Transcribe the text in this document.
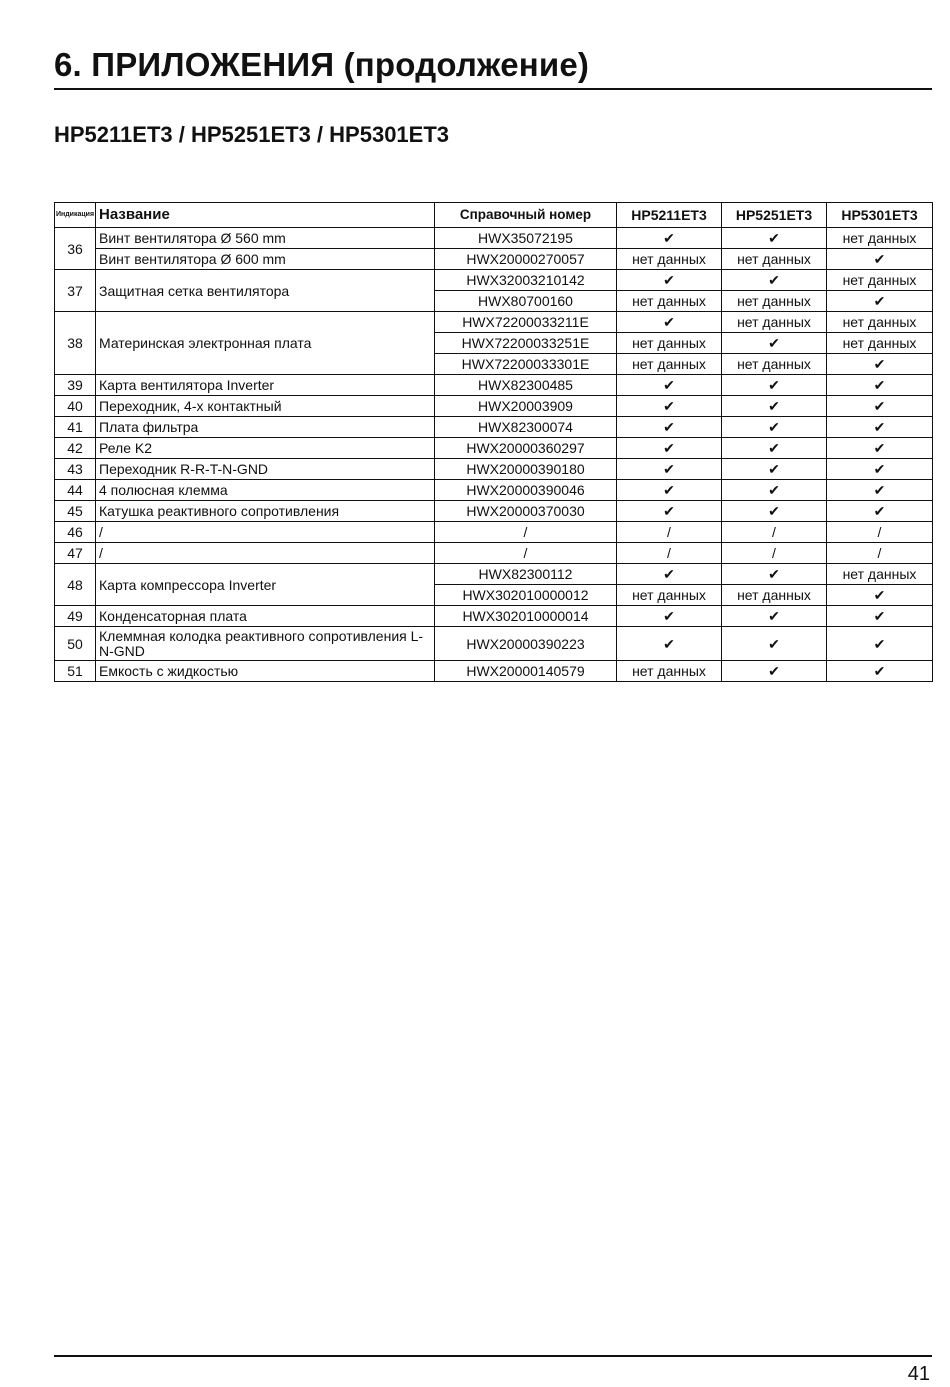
6. ПРИЛОЖЕНИЯ (продолжение)
HP5211ET3 / HP5251ET3 / HP5301ET3
Индикация	Название	Справочный номер	HP5211ET3	HP5251ET3	HP5301ET3
36	Винт вентилятора Ø 560 mm	HWX35072195	✔	✔	нет данных
	Винт вентилятора Ø 600 mm	HWX20000270057	нет данных	нет данных	✔
37	Защитная сетка вентилятора	HWX32003210142	✔	✔	нет данных
		HWX80700160	нет данных	нет данных	✔
38	Материнская электронная плата	HWX72200033211E	✔	нет данных	нет данных
		HWX72200033251E	нет данных	✔	нет данных
		HWX72200033301E	нет данных	нет данных	✔
39	Карта вентилятора Inverter	HWX82300485	✔	✔	✔
40	Переходник, 4-х контактный	HWX20003909	✔	✔	✔
41	Плата фильтра	HWX82300074	✔	✔	✔
42	Реле K2	HWX20000360297	✔	✔	✔
43	Переходник R-R-T-N-GND	HWX20000390180	✔	✔	✔
44	4 полюсная клемма	HWX20000390046	✔	✔	✔
45	Катушка реактивного сопротивления	HWX20000370030	✔	✔	✔
46	/	/	/	/	/
47	/	/	/	/	/
48	Карта компрессора Inverter	HWX82300112	✔	✔	нет данных
		HWX302010000012	нет данных	нет данных	✔
49	Конденсаторная плата	HWX302010000014	✔	✔	✔
50	Клеммная колодка реактивного сопротивления L-N-GND	HWX20000390223	✔	✔	✔
51	Емкость с жидкостью	HWX20000140579	нет данных	✔	✔
41
